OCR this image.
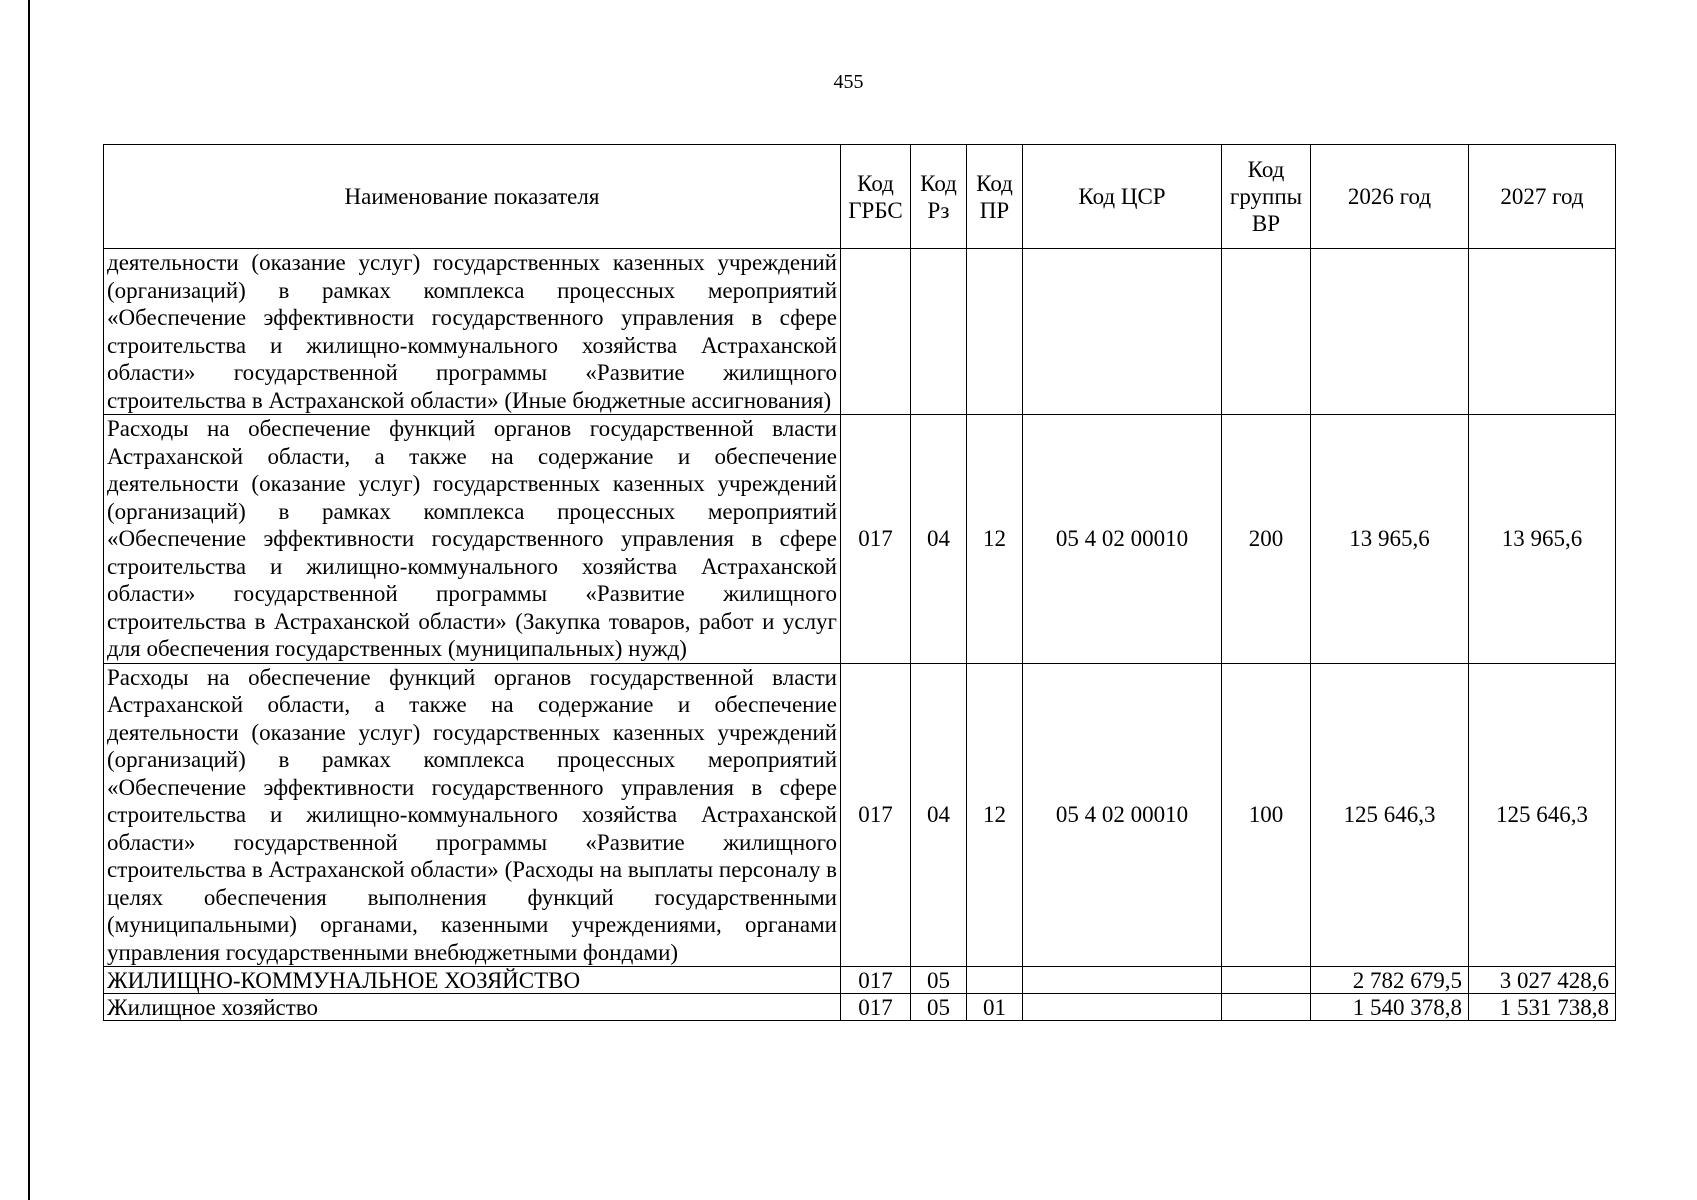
455
Наименование показателя	Код ГРБС	Код Рз	Код ПР	Код ЦСР	Код группы ВР	2026 год	2027 год
деятельности (оказание услуг) государственных казенных учреждений (организаций) в рамках комплекса процессных мероприятий «Обеспечение эффективности государственного управления в сфере строительства и жилищно-коммунального хозяйства Астраханской области» государственной программы «Развитие жилищного строительства в Астраханской области» (Иные бюджетные ассигнования)							
Расходы на обеспечение функций органов государственной власти Астраханской области, а также на содержание и обеспечение деятельности (оказание услуг) государственных казенных учреждений (организаций) в рамках комплекса процессных мероприятий «Обеспечение эффективности государственного управления в сфере строительства и жилищно-коммунального хозяйства Астраханской области» государственной программы «Развитие жилищного строительства в Астраханской области» (Закупка товаров, работ и услуг для обеспечения государственных (муниципальных) нужд)	017	04	12	05 4 02 00010	200	13 965,6	13 965,6
Расходы на обеспечение функций органов государственной власти Астраханской области, а также на содержание и обеспечение деятельности (оказание услуг) государственных казенных учреждений (организаций) в рамках комплекса процессных мероприятий «Обеспечение эффективности государственного управления в сфере строительства и жилищно-коммунального хозяйства Астраханской области» государственной программы «Развитие жилищного строительства в Астраханской области» (Расходы на выплаты персоналу в целях обеспечения выполнения функций государственными (муниципальными) органами, казенными учреждениями, органами управления государственными внебюджетными фондами)	017	04	12	05 4 02 00010	100	125 646,3	125 646,3
ЖИЛИЩНО-КОММУНАЛЬНОЕ ХОЗЯЙСТВО	017	05				2 782 679,5	3 027 428,6
Жилищное хозяйство	017	05	01			1 540 378,8	1 531 738,8
